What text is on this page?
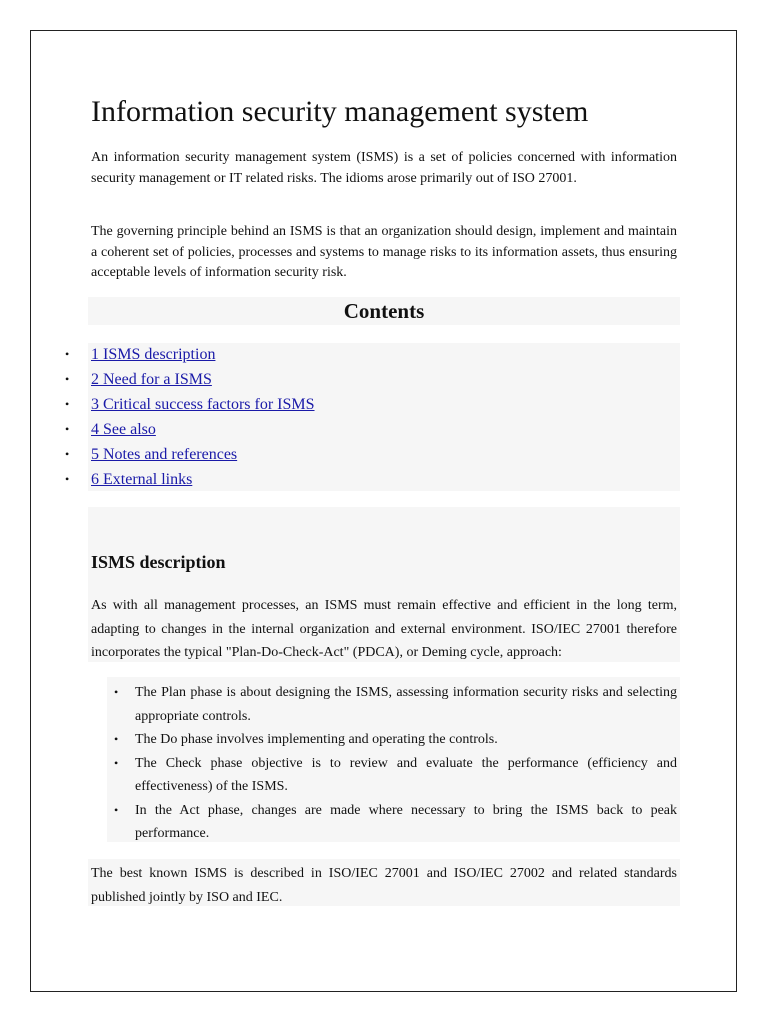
Information security management system

An information security management system (ISMS) is a set of policies concerned with information security management or IT related risks. The idioms arose primarily out of ISO 27001.

The governing principle behind an ISMS is that an organization should design, implement and maintain a coherent set of policies, processes and systems to manage risks to its information assets, thus ensuring acceptable levels of information security risk.

Contents
• 1 ISMS description
• 2 Need for a ISMS
• 3 Critical success factors for ISMS
• 4 See also
• 5 Notes and references
• 6 External links
ISMS description

As with all management processes, an ISMS must remain effective and efficient in the long term, adapting to changes in the internal organization and external environment. ISO/IEC 27001 therefore incorporates the typical "Plan-Do-Check-Act" (PDCA), or Deming cycle, approach:

• The Plan phase is about designing the ISMS, assessing information security risks and selecting appropriate controls.
• The Do phase involves implementing and operating the controls.
• The Check phase objective is to review and evaluate the performance (efficiency and effectiveness) of the ISMS.
• In the Act phase, changes are made where necessary to bring the ISMS back to peak performance.

The best known ISMS is described in ISO/IEC 27001 and ISO/IEC 27002 and related standards published jointly by ISO and IEC.
